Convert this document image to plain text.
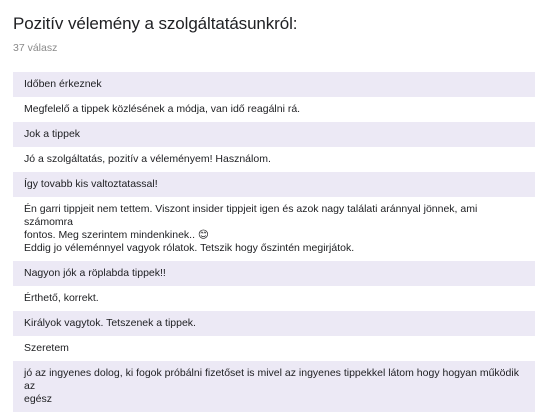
Pozitív vélemény a szolgáltatásunkról:
37 válasz
Időben érkeznek
Megfelelő a tippek közlésének a módja, van idő reagálni rá.
Jok a tippek
Jó a szolgáltatás, pozitív a véleményem! Használom.
Így tovabb kis valtoztatassal!
Én garri tippjeit nem tettem. Viszont insider tippjeit igen és azok nagy találati aránnyal jönnek, ami számomra
fontos. Meg szerintem mindenkinek.. 😊
Eddig jo véleménnyel vagyok rólatok. Tetszik hogy őszintén megirjátok.
Nagyon jók a röplabda tippek!!
Érthető, korrekt.
Királyok vagytok. Tetszenek a tippek.
Szeretem
jó az ingyenes dolog, ki fogok próbálni fizetőset is mivel az ingyenes tippekkel látom hogy hogyan működik az
egész
